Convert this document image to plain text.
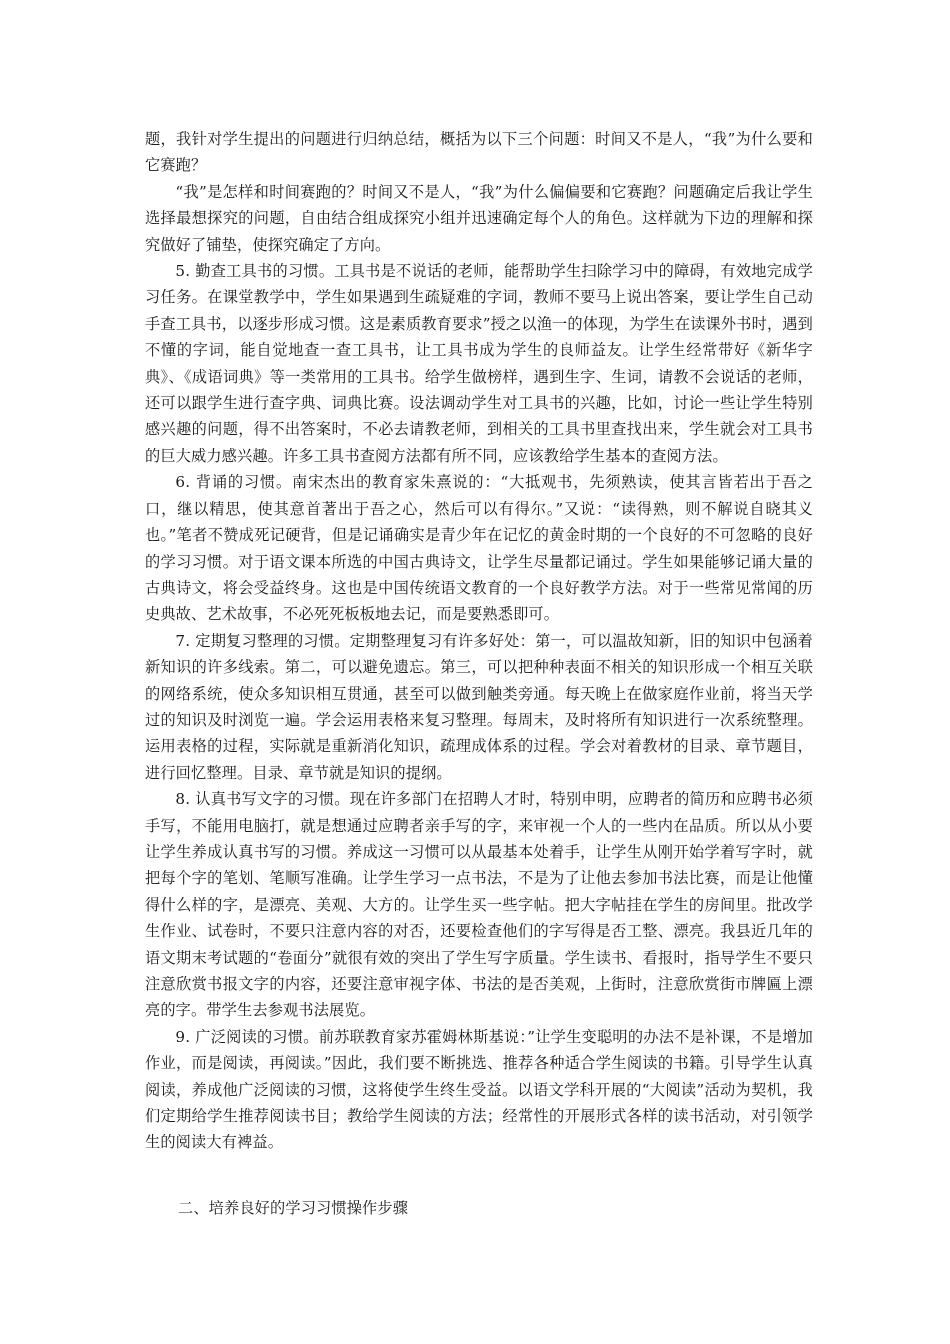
题，我针对学生提出的问题进行归纳总结，概括为以下三个问题：时间又不是人，“我”为什么要和它赛跑？

“我”是怎样和时间赛跑的？时间又不是人，“我”为什么偏偏要和它赛跑？问题确定后我让学生选择最想探究的问题，自由结合组成探究小组并迅速确定每个人的角色。这样就为下边的理解和探究做好了铺垫，使探究确定了方向。

5. 勤查工具书的习惯。工具书是不说话的老师，能帮助学生扫除学习中的障碍，有效地完成学习任务。在课堂教学中，学生如果遇到生疏疑难的字词，教师不要马上说出答案，要让学生自己动手查工具书，以逐步形成习惯。这是素质教育要求”授之以渔一的体现，为学生在读课外书时，遇到不懂的字词，能自觉地查一查工具书，让工具书成为学生的良师益友。让学生经常带好《新华字典》、《成语词典》等一类常用的工具书。给学生做榜样，遇到生字、生词，请教不会说话的老师，还可以跟学生进行查字典、词典比赛。设法调动学生对工具书的兴趣，比如，讨论一些让学生特别感兴趣的问题，得不出答案时，不必去请教老师，到相关的工具书里查找出来，学生就会对工具书的巨大威力感兴趣。许多工具书查阅方法都有所不同，应该教给学生基本的查阅方法。

6. 背诵的习惯。南宋杰出的教育家朱熹说的：“大抵观书，先须熟读，使其言皆若出于吾之口，继以精思，使其意首著出于吾之心，然后可以有得尔。”又说：“读得熟，则不解说自晓其义也。”笔者不赞成死记硬背，但是记诵确实是青少年在记忆的黄金时期的一个良好的不可忽略的良好的学习习惯。对于语文课本所选的中国古典诗文，让学生尽量都记诵过。学生如果能够记诵大量的古典诗文，将会受益终身。这也是中国传统语文教育的一个良好教学方法。对于一些常见常闻的历史典故、艺术故事，不必死死板板地去记，而是要熟悉即可。

7. 定期复习整理的习惯。定期整理复习有许多好处：第一，可以温故知新，旧的知识中包涵着新知识的许多线索。第二，可以避免遗忘。第三，可以把种种表面不相关的知识形成一个相互关联的网络系统，使众多知识相互贯通，甚至可以做到触类旁通。每天晚上在做家庭作业前，将当天学过的知识及时浏览一遍。学会运用表格来复习整理。每周末，及时将所有知识进行一次系统整理。运用表格的过程，实际就是重新消化知识，疏理成体系的过程。学会对着教材的目录、章节题目，进行回忆整理。目录、章节就是知识的提纲。

8. 认真书写文字的习惯。现在许多部门在招聘人才时，特别申明，应聘者的简历和应聘书必须手写，不能用电脑打，就是想通过应聘者亲手写的字，来审视一个人的一些内在品质。所以从小要让学生养成认真书写的习惯。养成这一习惯可以从最基本处着手，让学生从刚开始学着写字时，就把每个字的笔划、笔顺写准确。让学生学习一点书法，不是为了让他去参加书法比赛，而是让他懂得什么样的字，是漂亮、美观、大方的。让学生买一些字帖。把大字帖挂在学生的房间里。批改学生作业、试卷时，不要只注意内容的对否，还要检查他们的字写得是否工整、漂亮。我县近几年的语文期末考试题的“卷面分”就很有效的突出了学生写字质量。学生读书、看报时，指导学生不要只注意欣赏书报文字的内容，还要注意审视字体、书法的是否美观，上街时，注意欣赏街市牌匾上漂亮的字。带学生去参观书法展览。

9. 广泛阅读的习惯。前苏联教育家苏霍姆林斯基说：”让学生变聪明的办法不是补课，不是增加作业，而是阅读，再阅读。”因此，我们要不断挑选、推荐各种适合学生阅读的书籍。引导学生认真阅读，养成他广泛阅读的习惯，这将使学生终生受益。以语文学科开展的“大阅读”活动为契机，我们定期给学生推荐阅读书目；教给学生阅读的方法；经常性的开展形式各样的读书活动，对引领学生的阅读大有裨益。

二、培养良好的学习习惯操作步骤
